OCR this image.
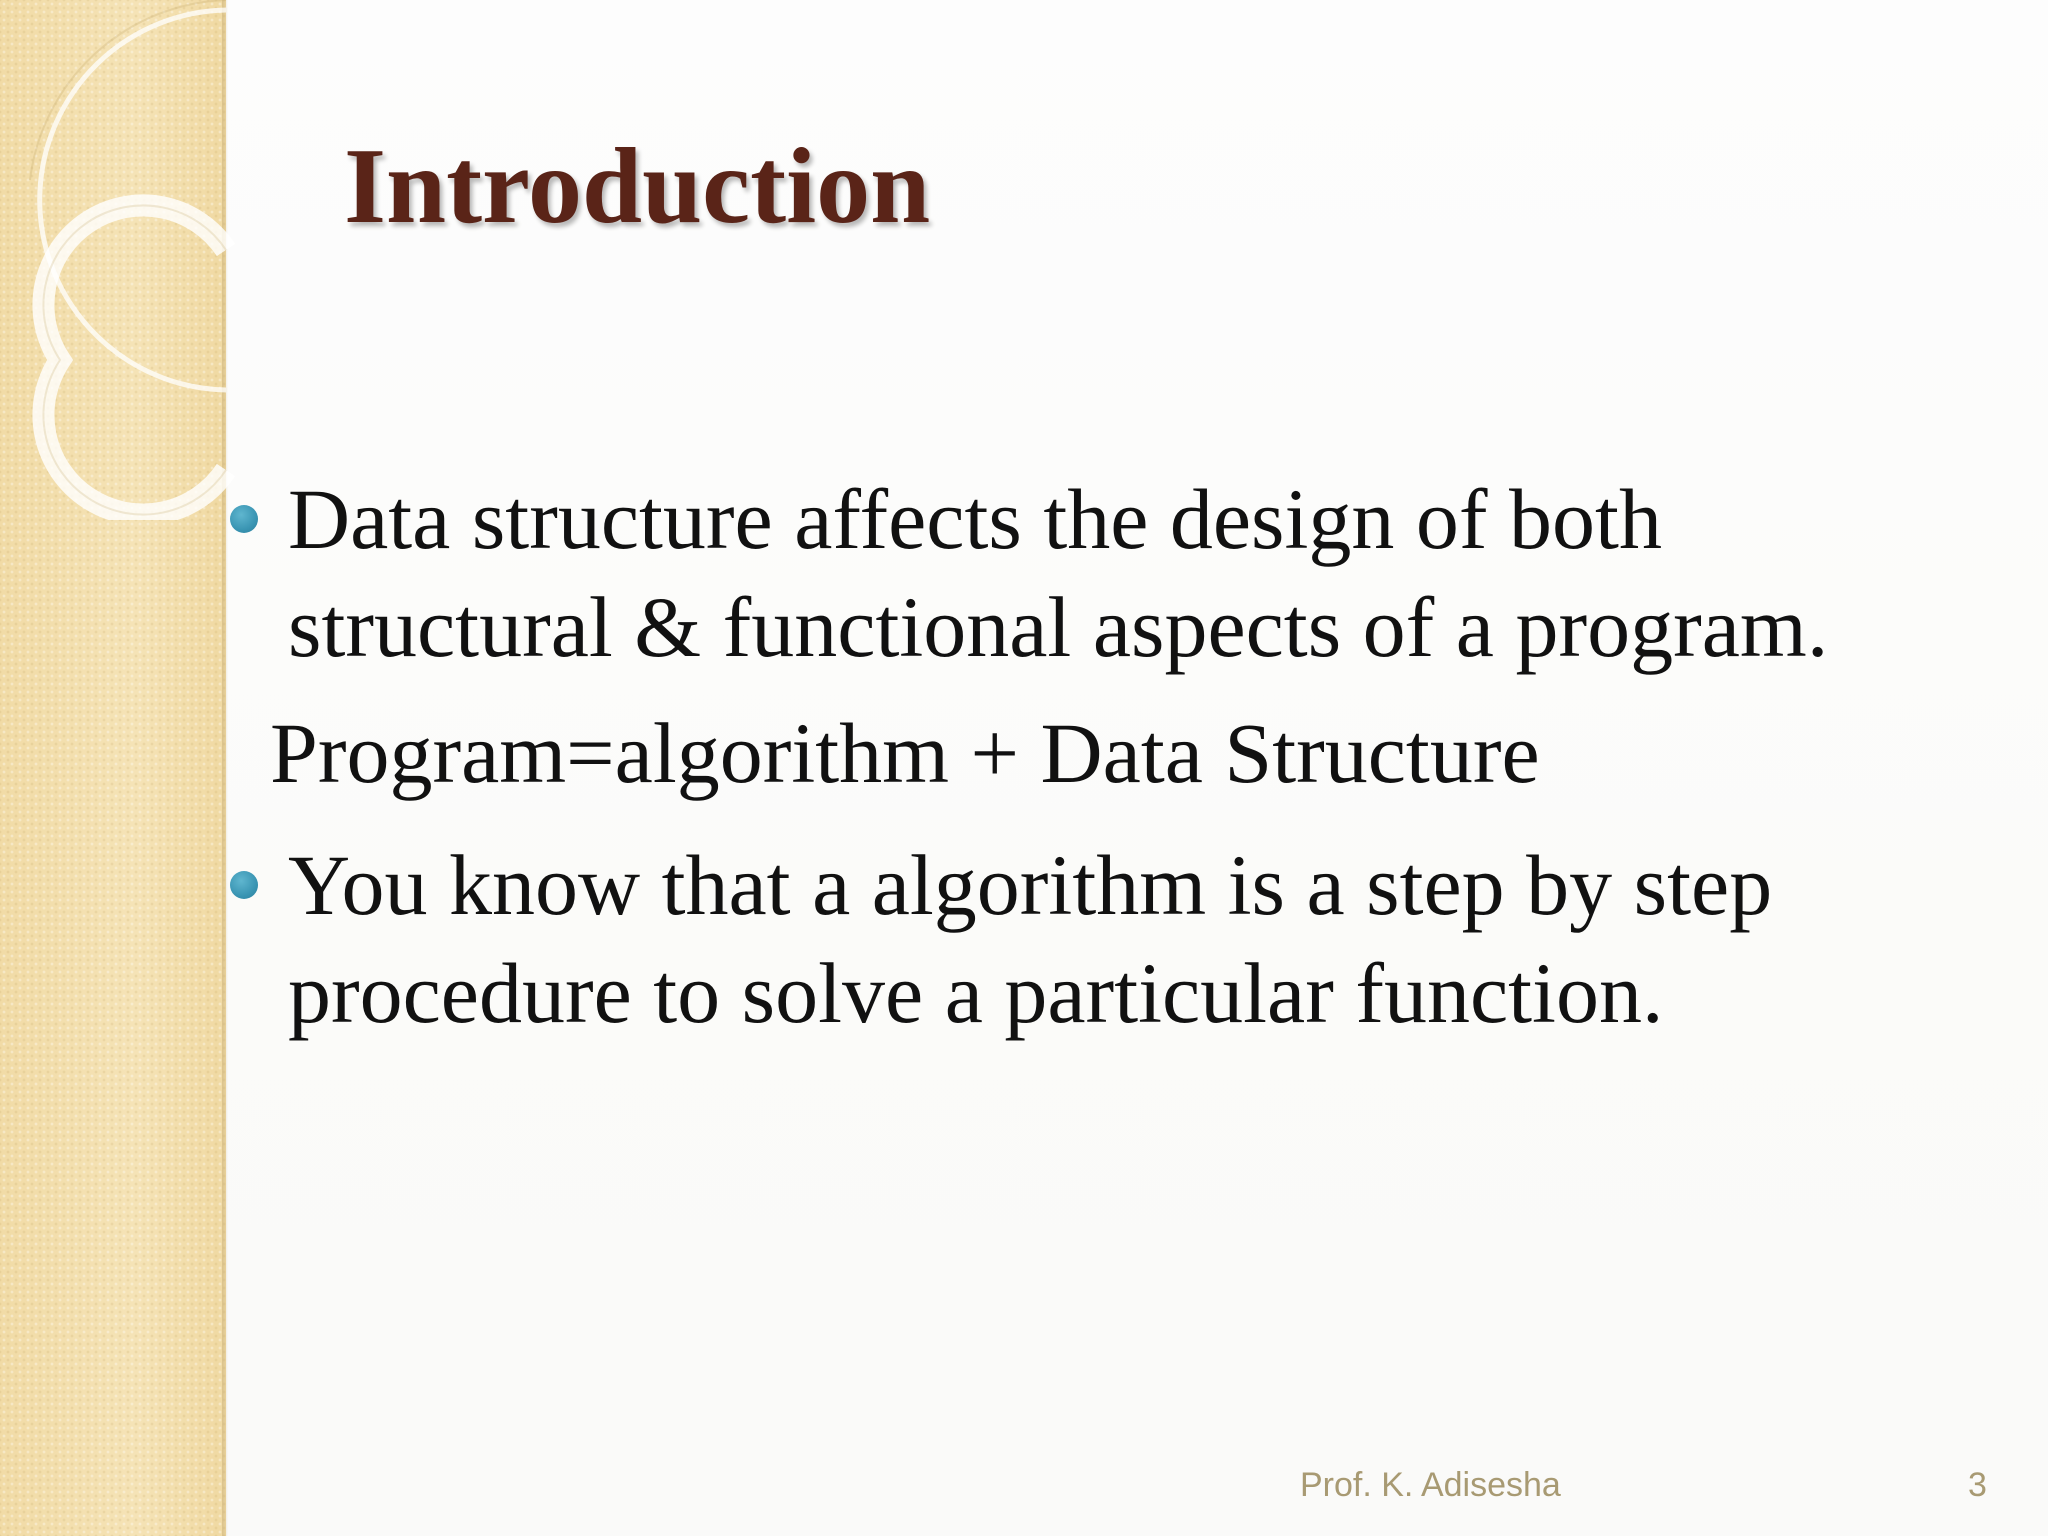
Introduction
Data structure affects the design of both
structural & functional aspects of a program.
Program=algorithm + Data Structure
You know that a algorithm is a step by step
procedure to solve a particular function.
Prof. K. Adisesha	3
